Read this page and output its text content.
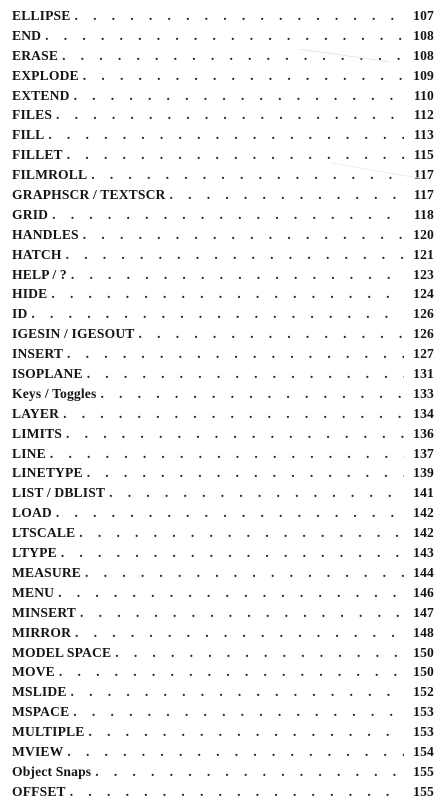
ELLIPSE . . .	107
END . . .	108
ERASE . . .	108
EXPLODE . . .	109
EXTEND . . .	110
FILES . . .	112
FILL . . .	113
FILLET . . .	115
FILMROLL . . .	117
GRAPHSCR / TEXTSCR . . .	117
GRID . . .	118
HANDLES . . .	120
HATCH . . .	121
HELP / ? . . .	123
HIDE . . .	124
ID . . .	126
IGESIN / IGESOUT . . .	126
INSERT . . .	127
ISOPLANE . . .	131
Keys / Toggles . . .	133
LAYER . . .	134
LIMITS . . .	136
LINE . . .	137
LINETYPE . . .	139
LIST / DBLIST . . .	141
LOAD . . .	142
LTSCALE . . .	142
LTYPE . . .	143
MEASURE . . .	144
MENU . . .	146
MINSERT . . .	147
MIRROR . . .	148
MODEL SPACE . . .	150
MOVE . . .	150
MSLIDE . . .	152
MSPACE . . .	153
MULTIPLE . . .	153
MVIEW . . .	154
Object Snaps . . .	155
OFFSET . . .	155
